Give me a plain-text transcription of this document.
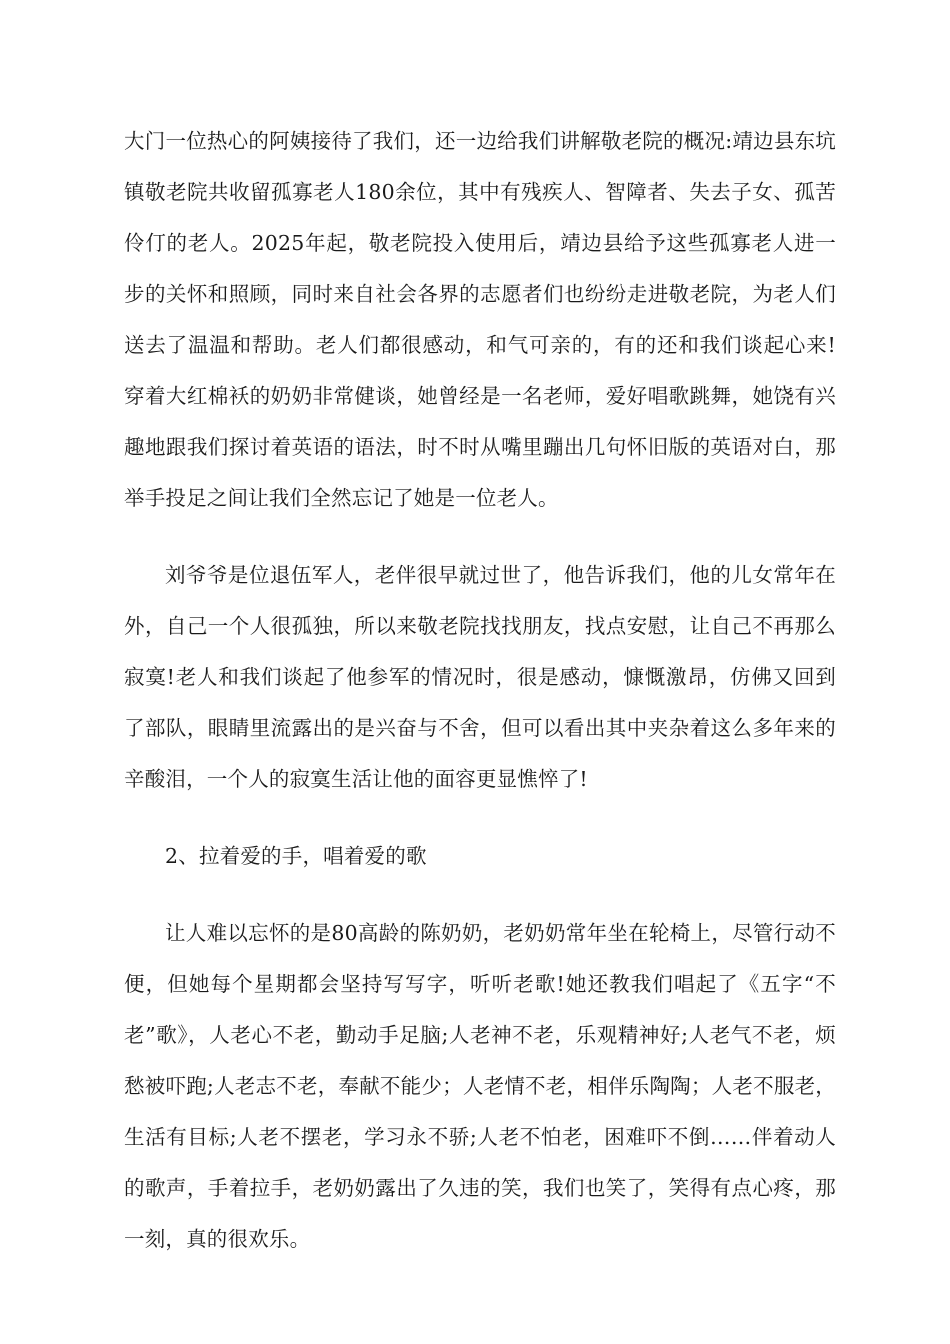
大门一位热心的阿姨接待了我们，还一边给我们讲解敬老院的概况:靖边县东坑镇敬老院共收留孤寡老人180余位，其中有残疾人、智障者、失去子女、孤苦伶仃的老人。2025年起，敬老院投入使用后，靖边县给予这些孤寡老人进一步的关怀和照顾，同时来自社会各界的志愿者们也纷纷走进敬老院，为老人们送去了温温和帮助。老人们都很感动，和气可亲的，有的还和我们谈起心来!穿着大红棉袄的奶奶非常健谈，她曾经是一名老师，爱好唱歌跳舞，她饶有兴趣地跟我们探讨着英语的语法，时不时从嘴里蹦出几句怀旧版的英语对白，那举手投足之间让我们全然忘记了她是一位老人。

刘爷爷是位退伍军人，老伴很早就过世了，他告诉我们，他的儿女常年在外，自己一个人很孤独，所以来敬老院找找朋友，找点安慰，让自己不再那么寂寞!老人和我们谈起了他参军的情况时，很是感动，慷慨激昂，仿佛又回到了部队，眼睛里流露出的是兴奋与不舍，但可以看出其中夹杂着这么多年来的辛酸泪，一个人的寂寞生活让他的面容更显憔悴了!

2、拉着爱的手，唱着爱的歌

让人难以忘怀的是80高龄的陈奶奶，老奶奶常年坐在轮椅上，尽管行动不便，但她每个星期都会坚持写写字，听听老歌!她还教我们唱起了《五字“不老”歌》，人老心不老，勤动手足脑;人老神不老，乐观精神好;人老气不老，烦愁被吓跑;人老志不老，奉献不能少；人老情不老，相伴乐陶陶；人老不服老，生活有目标;人老不摆老，学习永不骄;人老不怕老，困难吓不倒……伴着动人的歌声，手着拉手，老奶奶露出了久违的笑，我们也笑了，笑得有点心疼，那一刻，真的很欢乐。
